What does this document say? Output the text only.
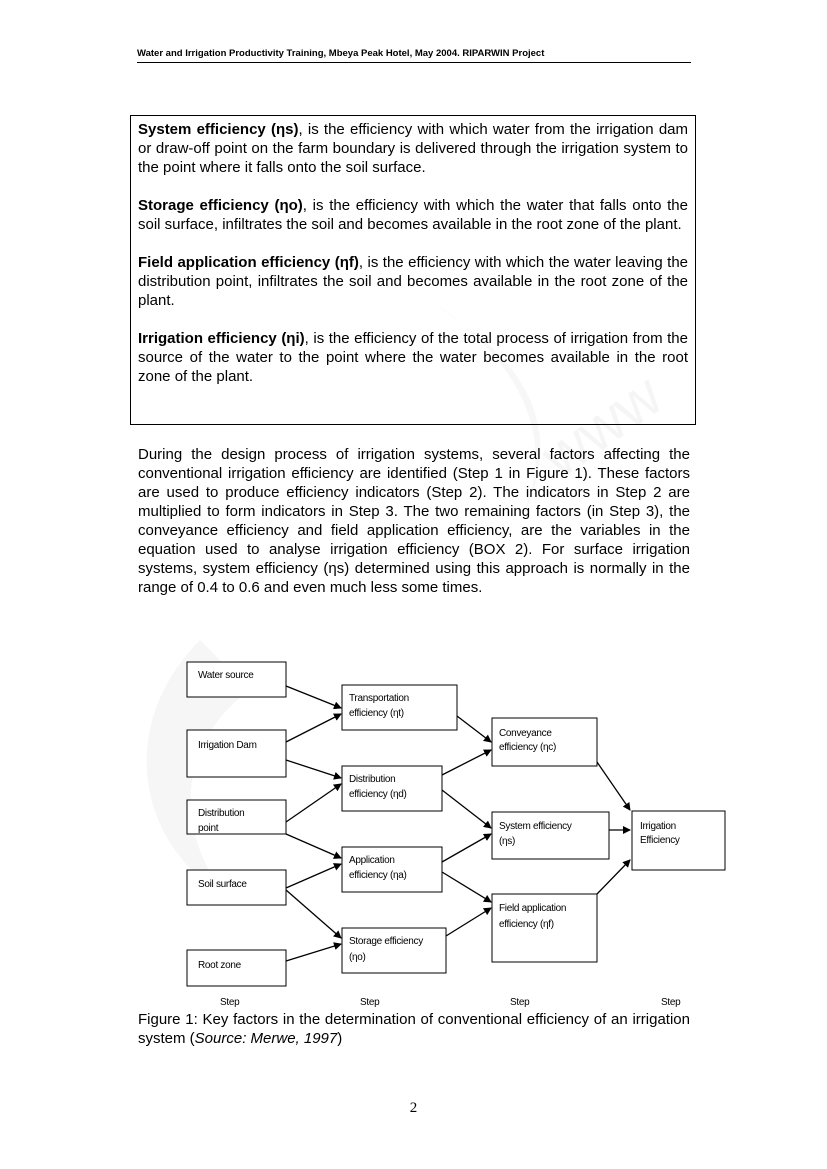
Water and Irrigation Productivity Training, Mbeya Peak Hotel, May 2004. RIPARWIN Project

System efficiency (ηs), is the efficiency with which water from the irrigation dam or draw-off point on the farm boundary is delivered through the irrigation system to the point where it falls onto the soil surface.

Storage efficiency (ηo), is the efficiency with which the water that falls onto the soil surface, infiltrates the soil and becomes available in the root zone of the plant.

Field application efficiency (ηf), is the efficiency with which the water leaving the distribution point, infiltrates the soil and becomes available in the root zone of the plant.

Irrigation efficiency (ηi), is the efficiency of the total process of irrigation from the source of the water to the point where the water becomes available in the root zone of the plant.

During the design process of irrigation systems, several factors affecting the conventional irrigation efficiency are identified (Step 1 in Figure 1). These factors are used to produce efficiency indicators (Step 2). The indicators in Step 2 are multiplied to form indicators in Step 3. The two remaining factors (in Step 3), the conveyance efficiency and field application efficiency, are the variables in the equation used to analyse irrigation efficiency (BOX 2). For surface irrigation systems, system efficiency (ηs) determined using this approach is normally in the range of 0.4 to 0.6 and even much less some times.

Water source
Irrigation Dam
Distribution
point
Soil surface
Root zone
Transportation
efficiency (ηt)
Distribution
efficiency (ηd)
Application
efficiency (ηa)
Storage efficiency
(ηo)
Conveyance
efficiency (ηc)
System efficiency
(ηs)
Field application
efficiency (ηf)
Irrigation
Efficiency
Step	Step	Step	Step

Figure 1: Key factors in the determination of conventional efficiency of an irrigation system (Source: Merwe, 1997)

2
